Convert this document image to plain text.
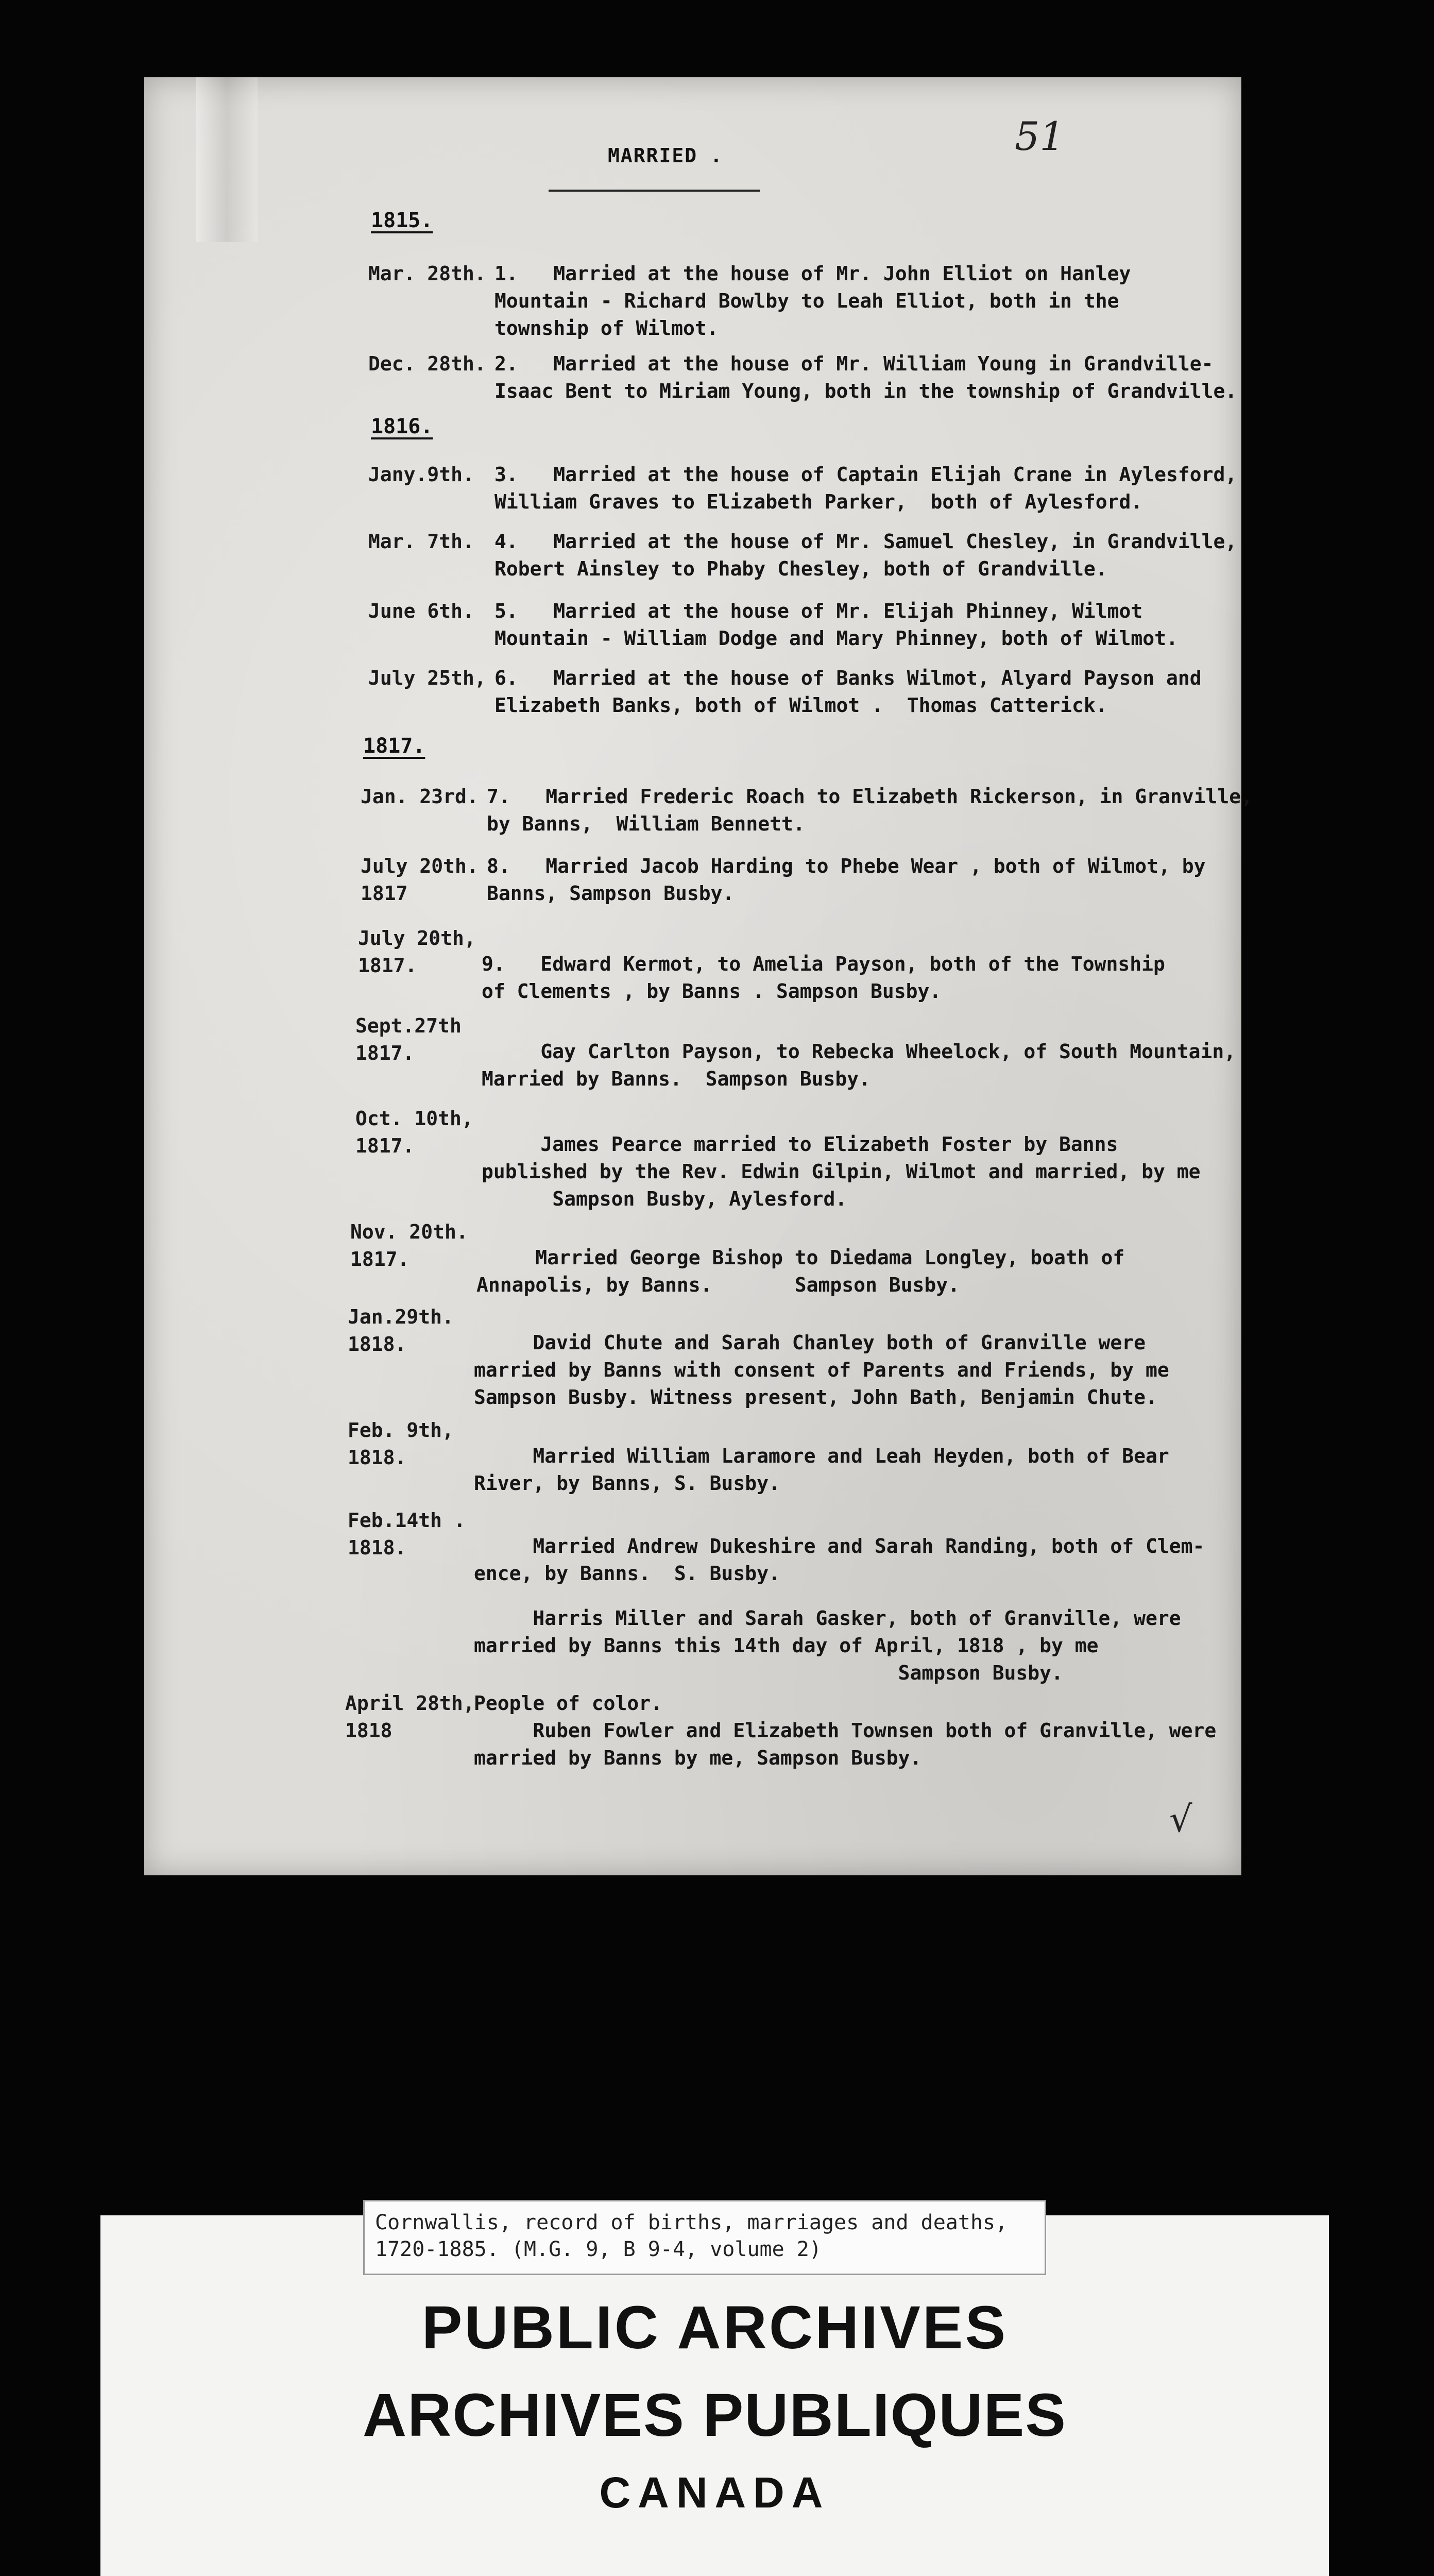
51
MARRIED .
1815.
1816.
1817.
Mar. 28th. 1.   Married at the house of Mr. John Elliot on Hanley
Mountain - Richard Bowlby to Leah Elliot, both in the
township of Wilmot.
Dec. 28th. 2.   Married at the house of Mr. William Young in Grandville-
Isaac Bent to Miriam Young, both in the township of Grandville.
Jany.9th. 3.   Married at the house of Captain Elijah Crane in Aylesford,
William Graves to Elizabeth Parker,  both of Aylesford.
Mar. 7th. 4.   Married at the house of Mr. Samuel Chesley, in Grandville,
Robert Ainsley to Phaby Chesley, both of Grandville.
June 6th. 5.   Married at the house of Mr. Elijah Phinney, Wilmot
Mountain - William Dodge and Mary Phinney, both of Wilmot.
July 25th, 6.   Married at the house of Banks Wilmot, Alyard Payson and
Elizabeth Banks, both of Wilmot .  Thomas Catterick.
Jan. 23rd. 7.   Married Frederic Roach to Elizabeth Rickerson, in Granville,
by Banns,  William Bennett.
July 20th.
1817
8.   Married Jacob Harding to Phebe Wear , both of Wilmot, by
Banns, Sampson Busby.
July 20th,
1817.	9.   Edward Kermot, to Amelia Payson, both of the Township
of Clements , by Banns . Sampson Busby.
Sept.27th
1817.	Gay Carlton Payson, to Rebecka Wheelock, of South Mountain,
Married by Banns.  Sampson Busby.
Oct. 10th,
1817.	James Pearce married to Elizabeth Foster by Banns
published by the Rev. Edwin Gilpin, Wilmot and married, by me
Sampson Busby, Aylesford.
Nov. 20th.
1817.	Married George Bishop to Diedama Longley, boath of
Annapolis, by Banns.       Sampson Busby.
Jan.29th.
1818.	David Chute and Sarah Chanley both of Granville were
married by Banns with consent of Parents and Friends, by me
Sampson Busby. Witness present, John Bath, Benjamin Chute.
Feb. 9th,
1818.	Married William Laramore and Leah Heyden, both of Bear
River, by Banns, S. Busby.
Feb.14th .
1818.	Married Andrew Dukeshire and Sarah Randing, both of Clem-
ence, by Banns.  S. Busby.
Harris Miller and Sarah Gasker, both of Granville, were
married by Banns this 14th day of April, 1818 , by me
Sampson Busby.
April 28th,
1818
People of color.
Ruben Fowler and Elizabeth Townsen both of Granville, were
married by Banns by me, Sampson Busby.
√
Cornwallis, record of births, marriages and deaths,
1720-1885. (M.G. 9, B 9-4, volume 2)
PUBLIC ARCHIVES
ARCHIVES PUBLIQUES
CANADA
